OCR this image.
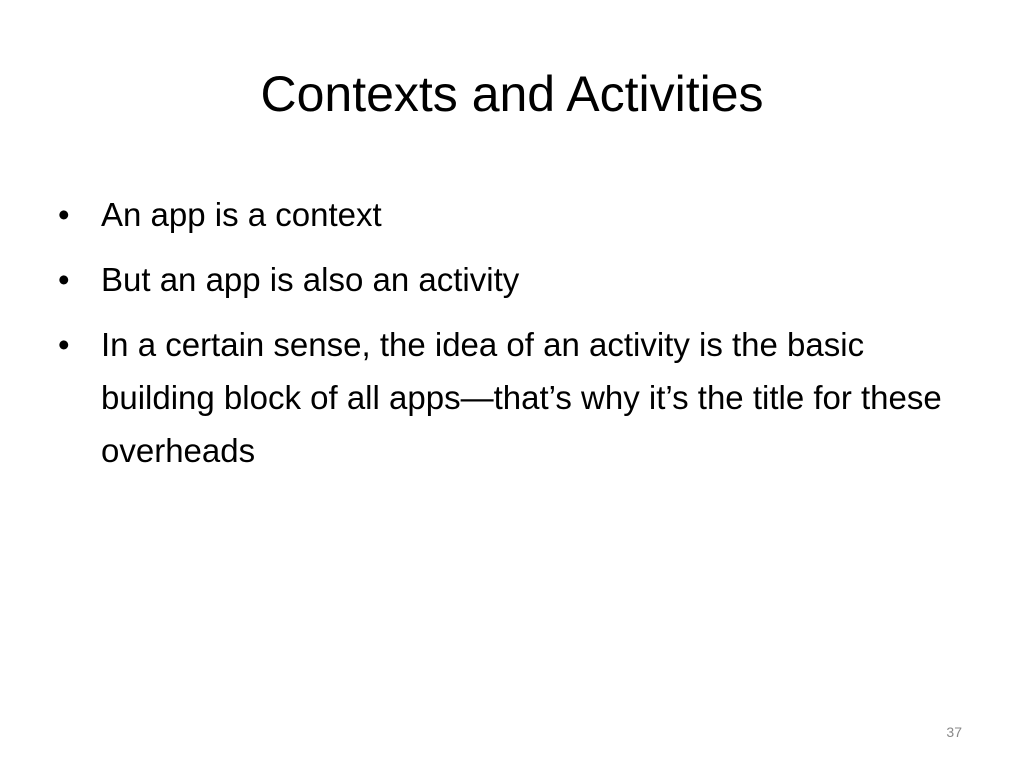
Contexts and Activities
• An app is a context
• But an app is also an activity
• In a certain sense, the idea of an activity is the basic building block of all apps—that’s why it’s the title for these overheads
37
